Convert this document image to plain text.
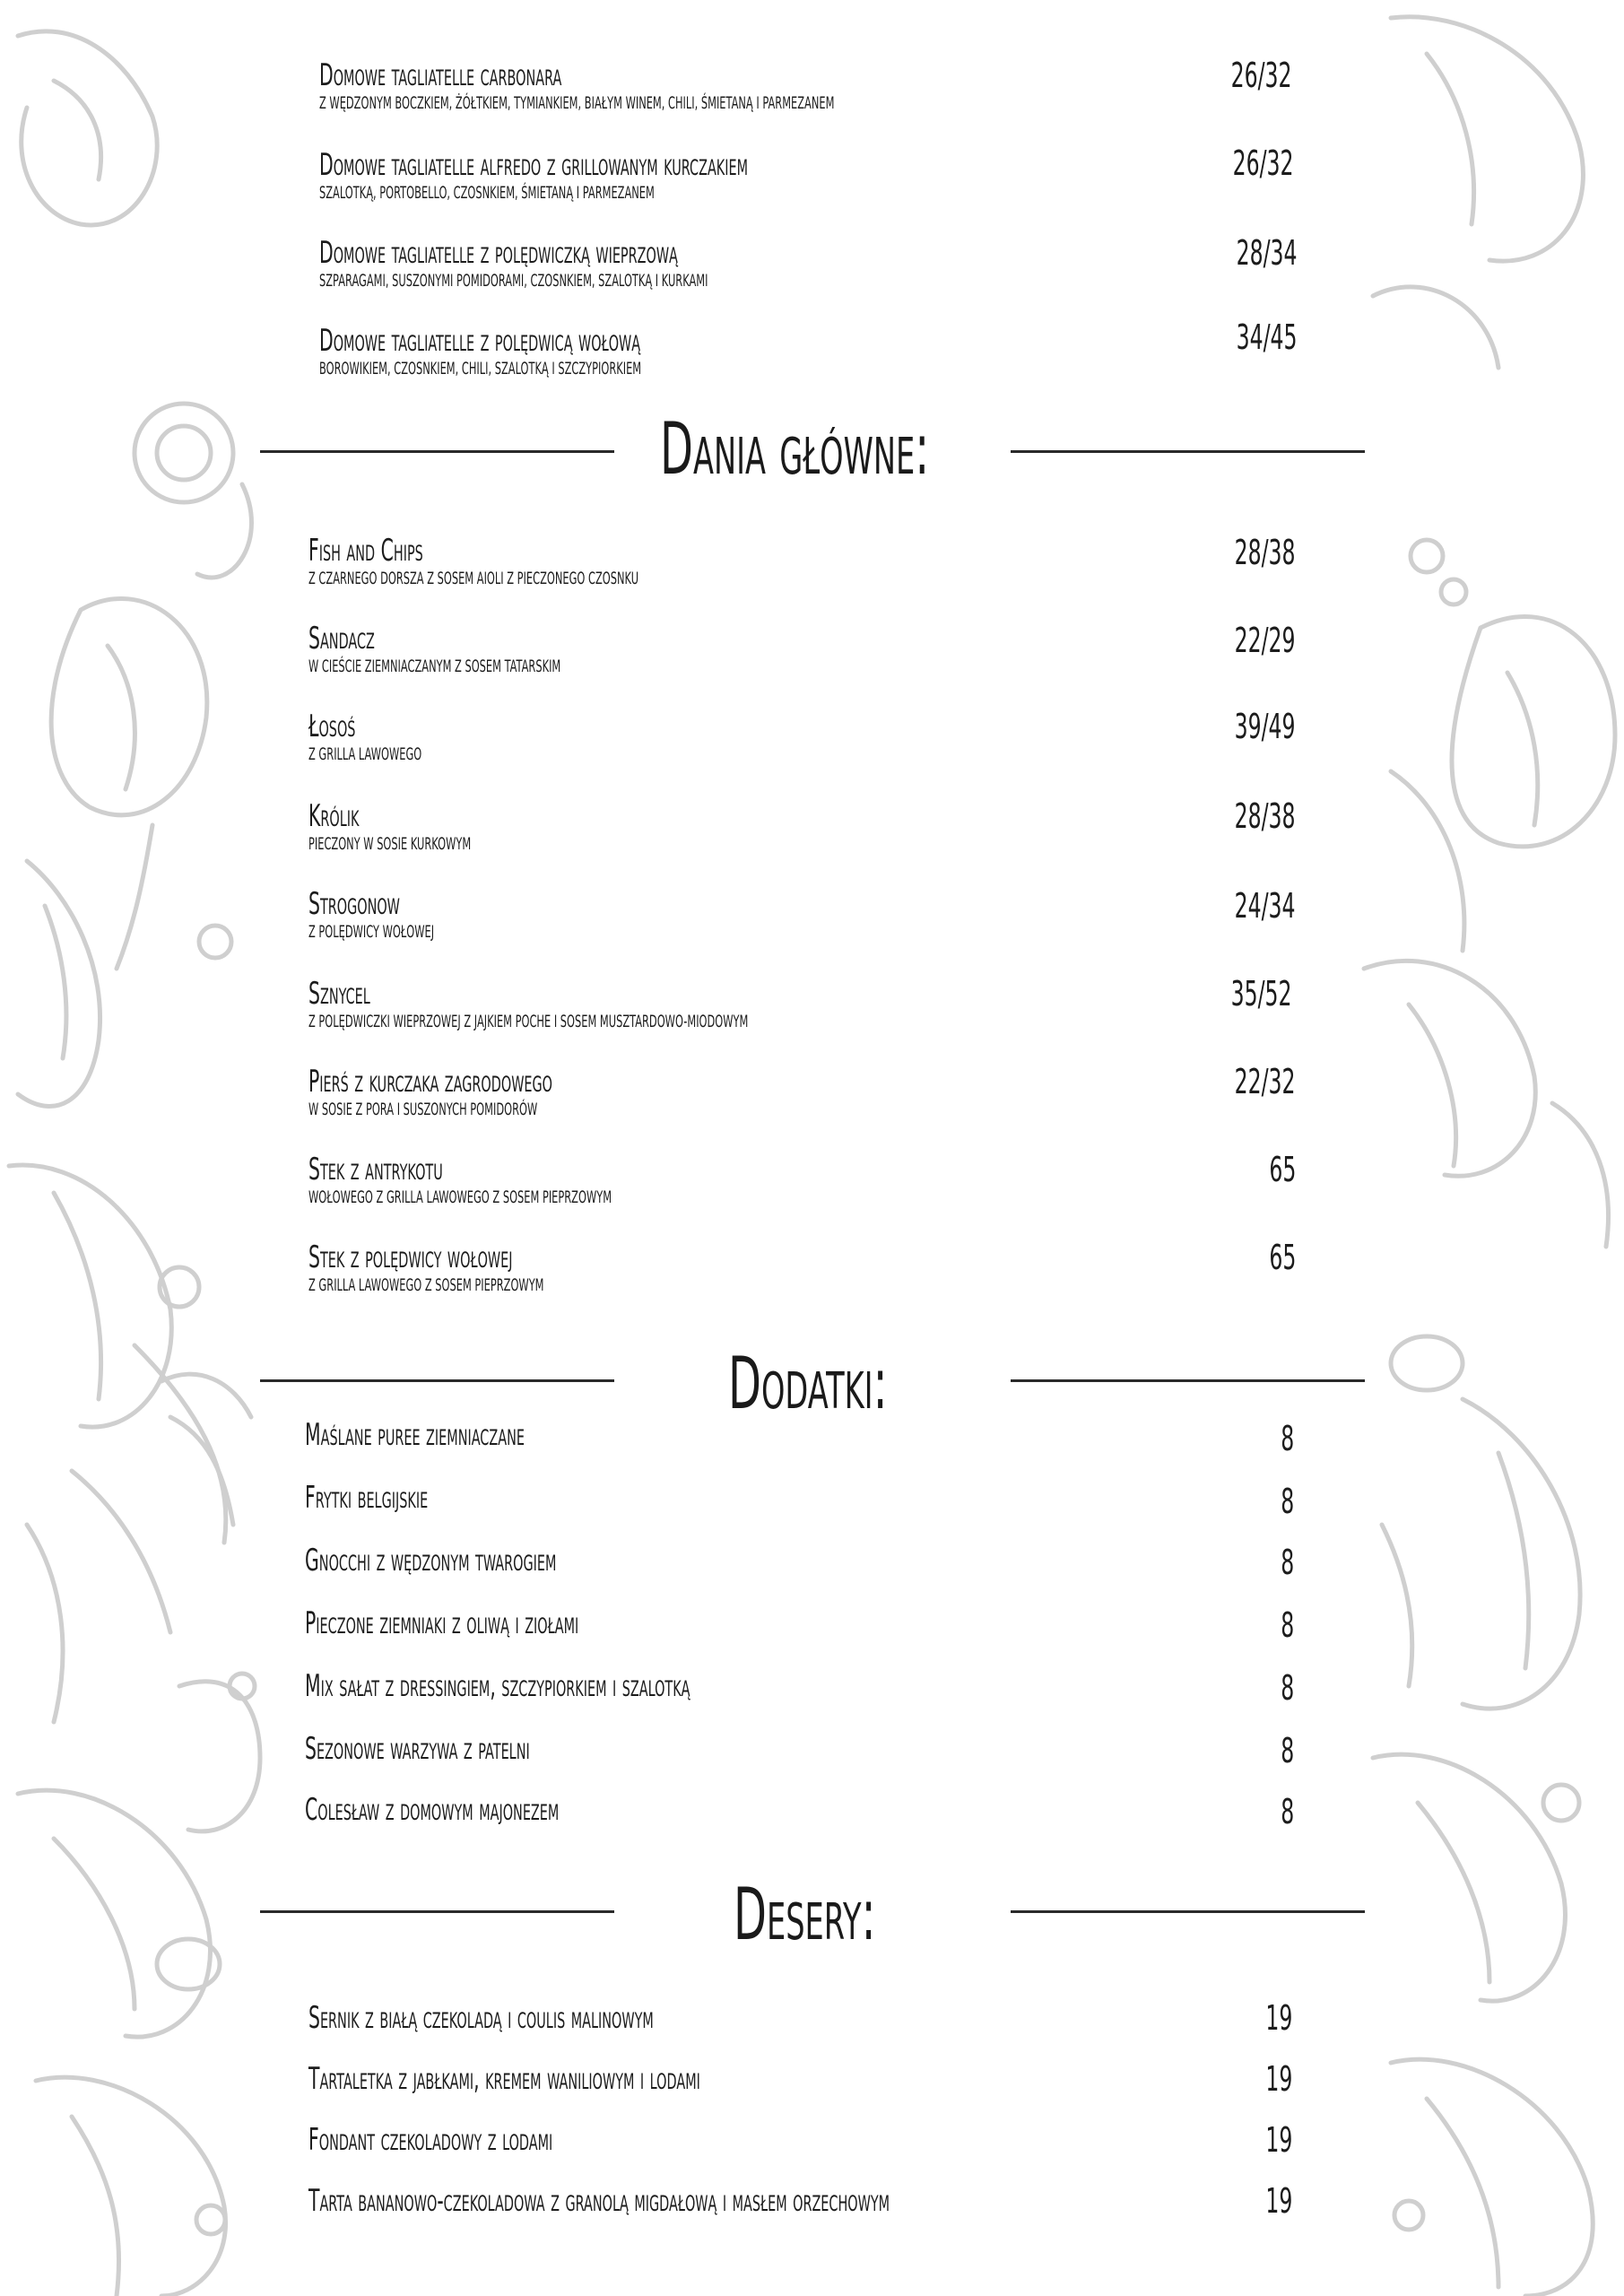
Domowe tagliatelle carbonara
Z WĘDZONYM BOCZKIEM, ŻÓŁTKIEM, TYMIANKIEM, BIAŁYM WINEM, CHILI, ŚMIETANĄ I PARMEZANEM
26/32
Domowe tagliatelle alfredo z grillowanym kurczakiem
SZALOTKĄ, PORTOBELLO, CZOSNKIEM, ŚMIETANĄ I PARMEZANEM
26/32
Domowe tagliatelle z polędwiczką wieprzową
SZPARAGAMI, SUSZONYMI POMIDORAMI, CZOSNKIEM, SZALOTKĄ I KURKAMI
28/34
Domowe tagliatelle z polędwicą wołową
BOROWIKIEM, CZOSNKIEM, CHILI, SZALOTKĄ I SZCZYPIORKIEM
34/45
Dania główne:
Fish and Chips
Z CZARNEGO DORSZA Z SOSEM AIOLI Z PIECZONEGO CZOSNKU
28/38
Sandacz
W CIEŚCIE ZIEMNIACZANYM Z SOSEM TATARSKIM
22/29
Łosoś
Z GRILLA LAWOWEGO
39/49
Królik
PIECZONY W SOSIE KURKOWYM
28/38
Strogonow
Z POLĘDWICY WOŁOWEJ
24/34
Sznycel
Z POLĘDWICZKI WIEPRZOWEJ Z JAJKIEM POCHE I SOSEM MUSZTARDOWO-MIODOWYM
35/52
Pierś z kurczaka zagrodowego
W SOSIE Z PORA I SUSZONYCH POMIDORÓW
22/32
Stek z antrykotu
WOŁOWEGO Z GRILLA LAWOWEGO Z SOSEM PIEPRZOWYM
65
Stek z polędwicy wołowej
Z GRILLA LAWOWEGO Z SOSEM PIEPRZOWYM
65
Dodatki:
Maślane puree ziemniaczane	8
Frytki belgijskie	8
Gnocchi z wędzonym twarogiem	8
Pieczone ziemniaki z oliwą i ziołami	8
Mix sałat z dressingiem, szczypiorkiem i szalotką	8
Sezonowe warzywa z patelni	8
Colesław z domowym majonezem	8
Desery:
Sernik z białą czekoladą i coulis malinowym	19
Tartaletka z jabłkami, kremem waniliowym i lodami	19
Fondant czekoladowy z lodami	19
Tarta bananowo-czekoladowa z granolą migdałową i masłem orzechowym	19
